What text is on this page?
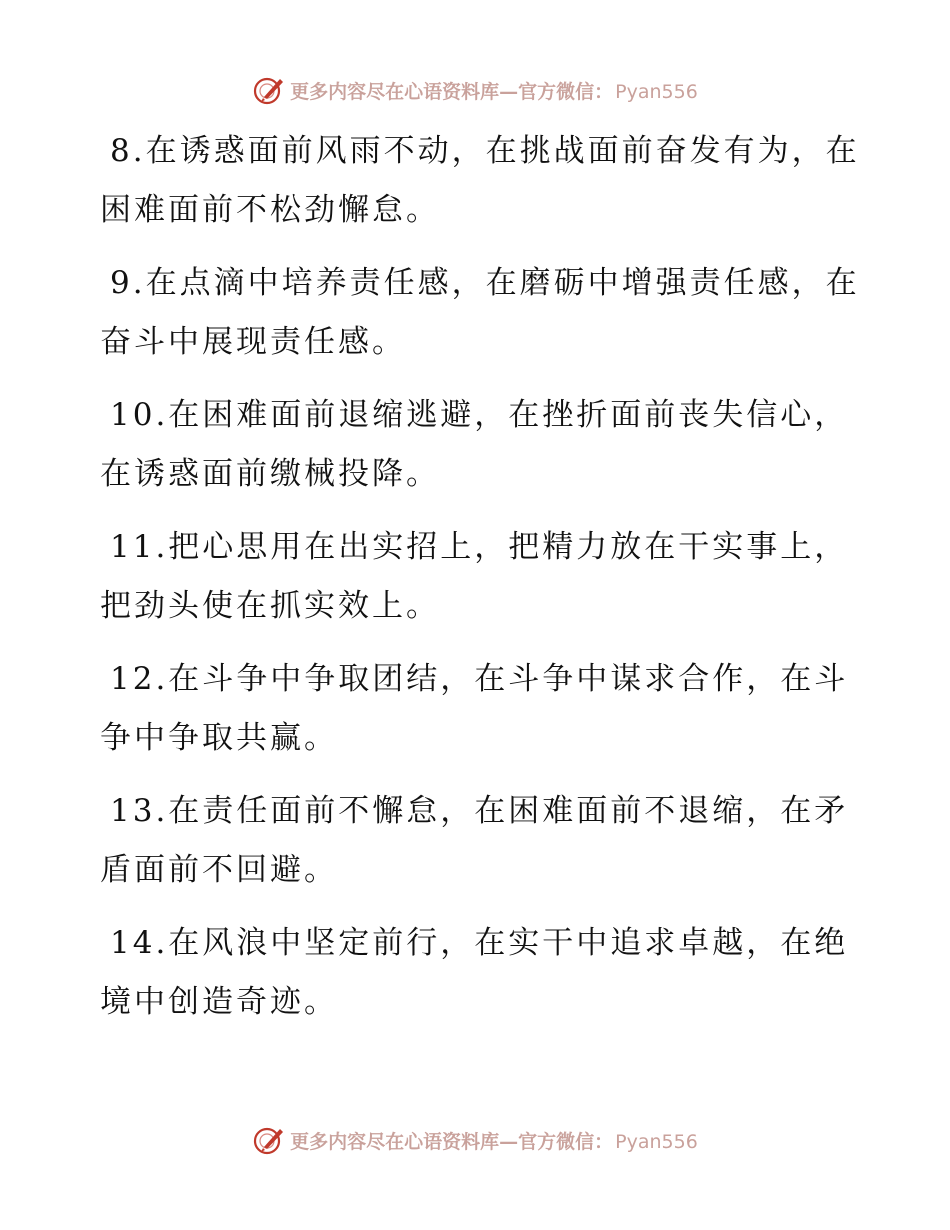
更多内容尽在心语资料库—官方微信： Pyan556

8.在诱惑面前风雨不动，在挑战面前奋发有为，在困难面前不松劲懈怠。

9.在点滴中培养责任感，在磨砺中增强责任感，在奋斗中展现责任感。

10.在困难面前退缩逃避，在挫折面前丧失信心，在诱惑面前缴械投降。

11.把心思用在出实招上，把精力放在干实事上，把劲头使在抓实效上。

12.在斗争中争取团结，在斗争中谋求合作，在斗争中争取共赢。

13.在责任面前不懈怠，在困难面前不退缩，在矛盾面前不回避。

14.在风浪中坚定前行，在实干中追求卓越，在绝境中创造奇迹。

更多内容尽在心语资料库—官方微信： Pyan556
